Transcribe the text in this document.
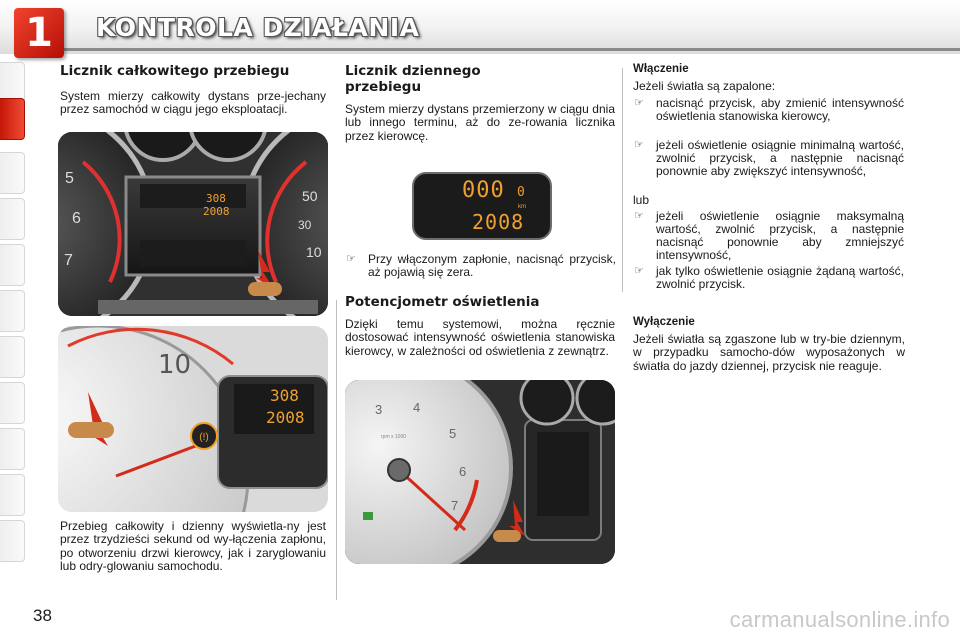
1	KONTROLA DZIAŁANIA
Licznik całkowitego przebiegu

System mierzy całkowity dystans prze-jechany przez samochód w ciągu jego eksploatacji.

5
6
7
50
30
10
308
2008
(!)
10
308
2008

Przebieg całkowity i dzienny wyświetla-ny jest przez trzydzieści sekund od wy-łączenia zapłonu, po otworzeniu drzwi kierowcy, jak i zaryglowaniu lub odry-glowaniu samochodu.

Licznik dziennego przebiegu

System mierzy dystans przemierzony w ciągu dnia lub innego terminu, aż do ze-rowania licznika przez kierowcę.

000 0
km
2008
☞	Przy włączonym zapłonie, nacisnąć przycisk, aż pojawią się zera.
Potencjometr oświetlenia

Dzięki temu systemowi, można ręcznie dostosować intensywność oświetlenia stanowiska kierowcy, w zależności od oświetlenia z zewnątrz.

3 4
5
6
7
rpm x 1000
Włączenie

Jeżeli światła są zapalone:

☞	nacisnąć przycisk, aby zmienić intensywność oświetlenia stanowiska kierowcy,
☞	jeżeli oświetlenie osiągnie minimalną wartość, zwolnić przycisk, a następnie nacisnąć ponownie aby zwiększyć intensywność,

lub

☞	jeżeli oświetlenie osiągnie maksymalną wartość, zwolnić przycisk, a następnie nacisnąć ponownie aby zmniejszyć intensywność,
☞	jak tylko oświetlenie osiągnie żądaną wartość, zwolnić przycisk.
Wyłączenie

Jeżeli światła są zgaszone lub w try-bie dziennym, w przypadku samocho-dów wyposażonych w światła do jazdy dziennej, przycisk nie reaguje.

38	carmanualsonline.info
